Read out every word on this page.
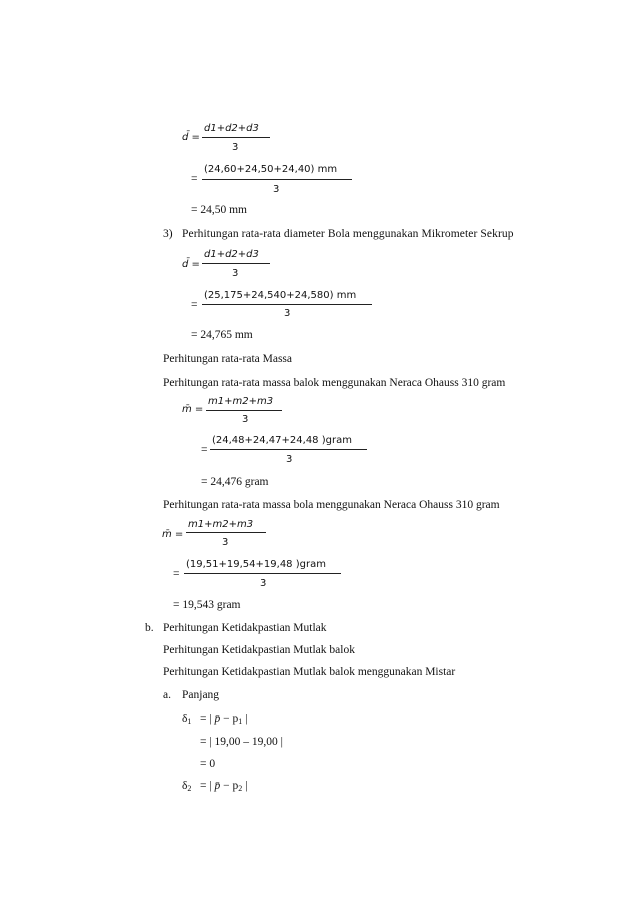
d̄ =
d1+d2+d3
3
=
(24,60+24,50+24,40) mm
3
= 24,50 mm
3) Perhitungan rata-rata diameter Bola menggunakan Mikrometer Sekrup
d̄ =
d1+d2+d3
3
=
(25,175+24,540+24,580) mm
3
= 24,765 mm
Perhitungan rata-rata Massa
Perhitungan rata-rata massa balok menggunakan Neraca Ohauss 310 gram
m̄ =
m1+m2+m3
3
=
(24,48+24,47+24,48 )gram
3
= 24,476 gram
Perhitungan rata-rata massa bola menggunakan Neraca Ohauss 310 gram
m̄ =
m1+m2+m3
3
=
(19,51+19,54+19,48 )gram
3
= 19,543 gram
b. Perhitungan Ketidakpastian Mutlak
Perhitungan Ketidakpastian Mutlak balok
Perhitungan Ketidakpastian Mutlak balok menggunakan Mistar
a. Panjang
$\delta_1$ = | p̄ − $p_1$ |
= | 19,00 – 19,00 |
= 0
$\delta_2$ = | p̄ − $p_2$ |
